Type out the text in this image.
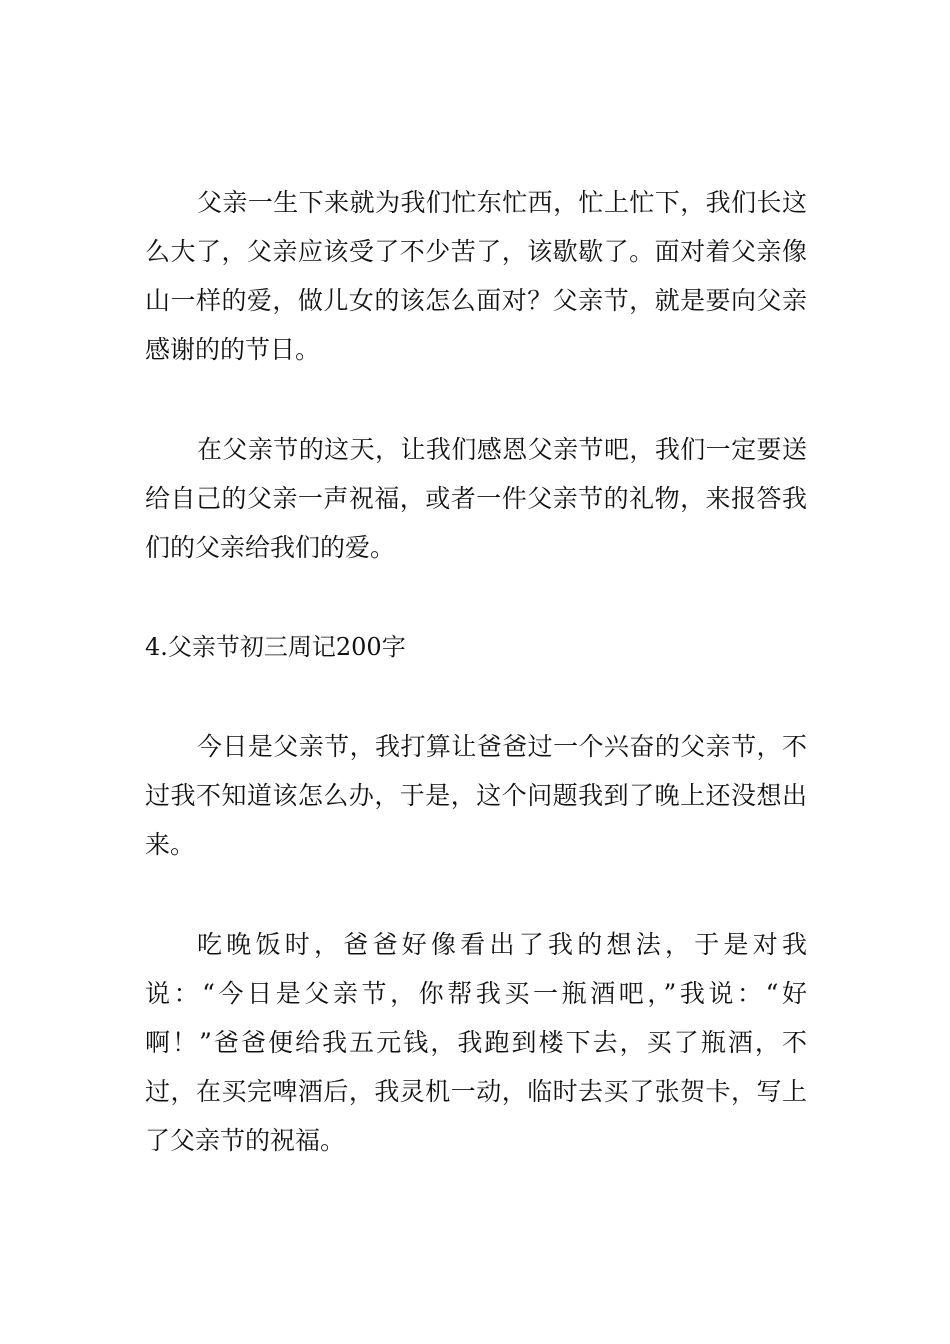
父亲一生下来就为我们忙东忙西，忙上忙下，我们长这么大了，父亲应该受了不少苦了，该歇歇了。面对着父亲像山一样的爱，做儿女的该怎么面对？父亲节，就是要向父亲感谢的的节日。

在父亲节的这天，让我们感恩父亲节吧，我们一定要送给自己的父亲一声祝福，或者一件父亲节的礼物，来报答我们的父亲给我们的爱。

4.父亲节初三周记200字

今日是父亲节，我打算让爸爸过一个兴奋的父亲节，不过我不知道该怎么办，于是，这个问题我到了晚上还没想出来。

吃晚饭时，爸爸好像看出了我的想法，于是对我说：“今日是父亲节，你帮我买一瓶酒吧，”我说：“好啊！”爸爸便给我五元钱，我跑到楼下去，买了瓶酒，不过，在买完啤酒后，我灵机一动，临时去买了张贺卡，写上了父亲节的祝福。
